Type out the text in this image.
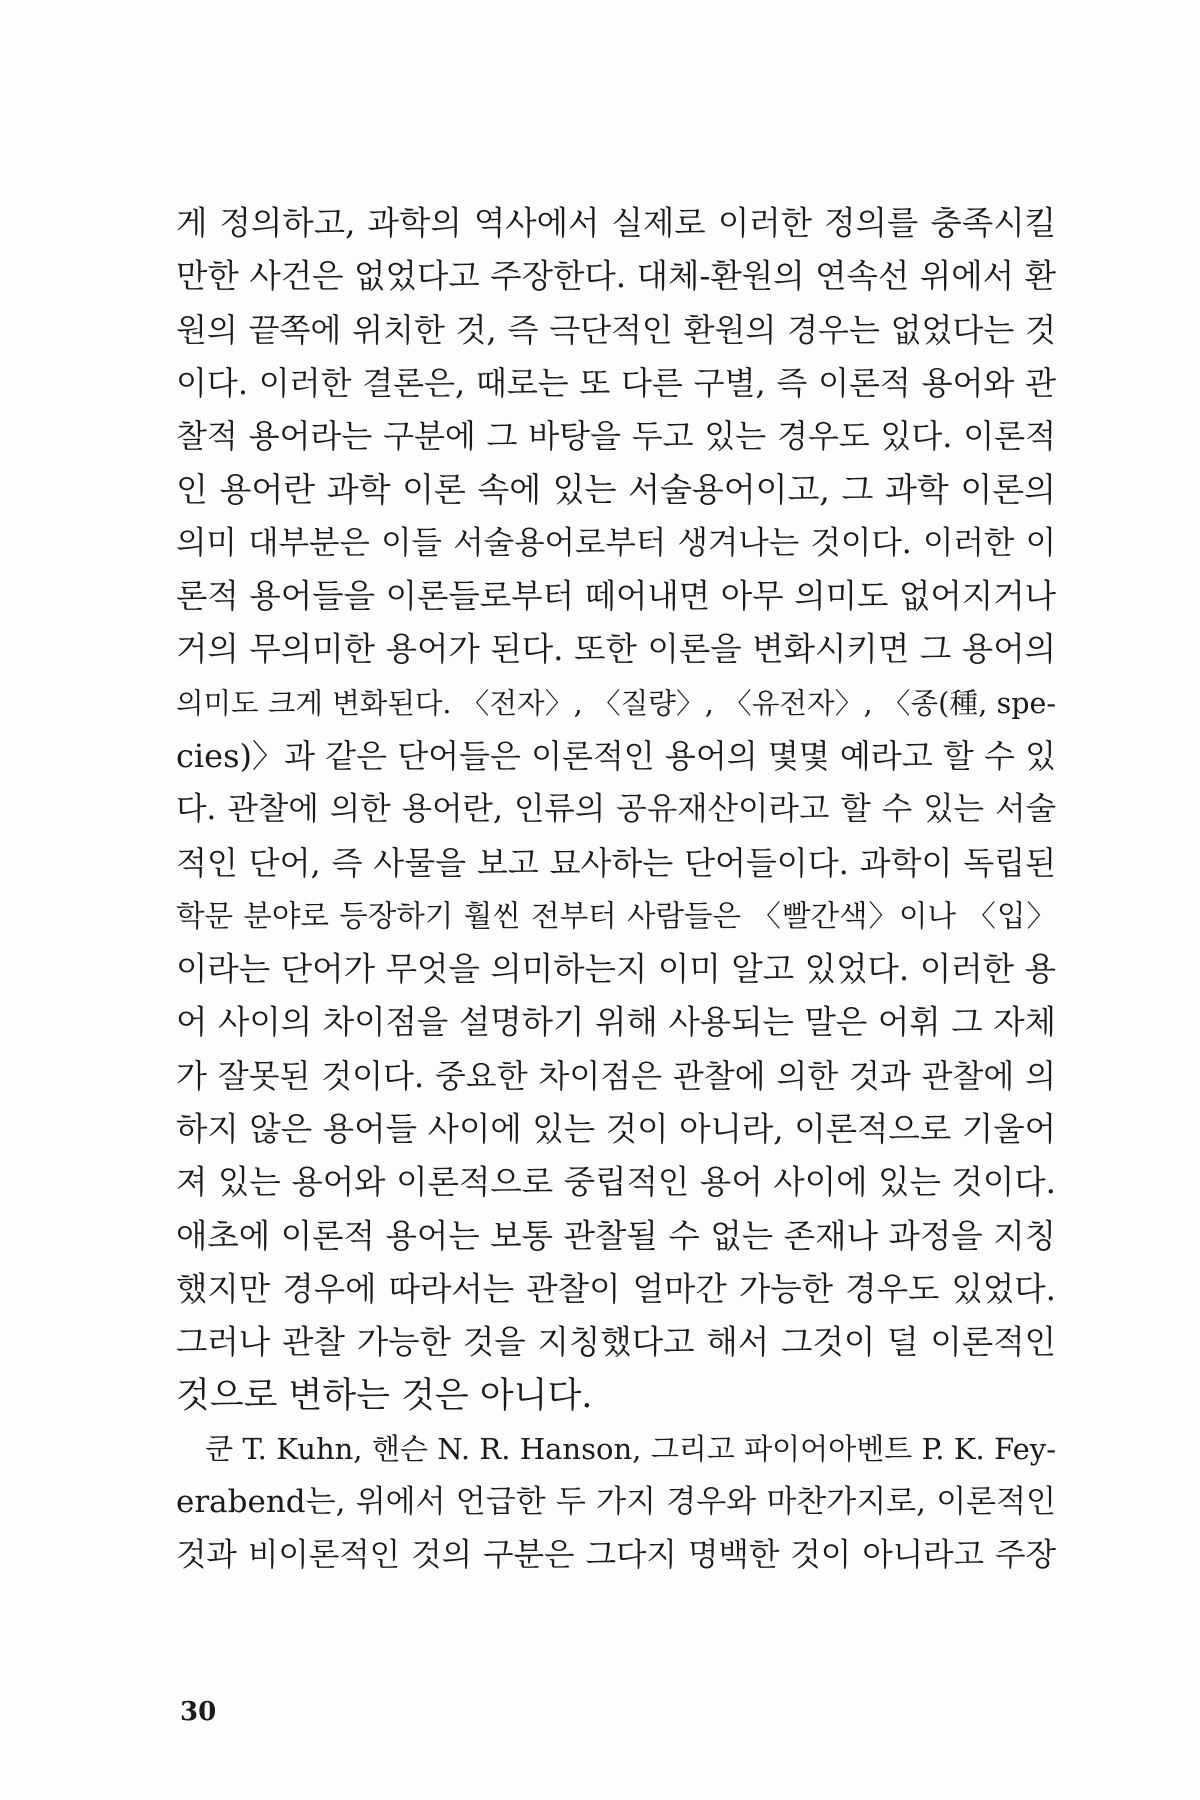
게 정의하고, 과학의 역사에서 실제로 이러한 정의를 충족시킬
만한 사건은 없었다고 주장한다. 대체-환원의 연속선 위에서 환
원의 끝쪽에 위치한 것, 즉 극단적인 환원의 경우는 없었다는 것
이다. 이러한 결론은, 때로는 또 다른 구별, 즉 이론적 용어와 관
찰적 용어라는 구분에 그 바탕을 두고 있는 경우도 있다. 이론적
인 용어란 과학 이론 속에 있는 서술용어이고, 그 과학 이론의
의미 대부분은 이들 서술용어로부터 생겨나는 것이다. 이러한 이
론적 용어들을 이론들로부터 떼어내면 아무 의미도 없어지거나
거의 무의미한 용어가 된다. 또한 이론을 변화시키면 그 용어의
의미도 크게 변화된다. 〈전자〉, 〈질량〉, 〈유전자〉, 〈종(種, spe-
cies)〉과 같은 단어들은 이론적인 용어의 몇몇 예라고 할 수 있
다. 관찰에 의한 용어란, 인류의 공유재산이라고 할 수 있는 서술
적인 단어, 즉 사물을 보고 묘사하는 단어들이다. 과학이 독립된
학문 분야로 등장하기 훨씬 전부터 사람들은 〈빨간색〉이나 〈입〉
이라는 단어가 무엇을 의미하는지 이미 알고 있었다. 이러한 용
어 사이의 차이점을 설명하기 위해 사용되는 말은 어휘 그 자체
가 잘못된 것이다. 중요한 차이점은 관찰에 의한 것과 관찰에 의
하지 않은 용어들 사이에 있는 것이 아니라, 이론적으로 기울어
져 있는 용어와 이론적으로 중립적인 용어 사이에 있는 것이다.
애초에 이론적 용어는 보통 관찰될 수 없는 존재나 과정을 지칭
했지만 경우에 따라서는 관찰이 얼마간 가능한 경우도 있었다.
그러나 관찰 가능한 것을 지칭했다고 해서 그것이 덜 이론적인
것으로 변하는 것은 아니다.
　쿤 T. Kuhn, 핸슨 N. R. Hanson, 그리고 파이어아벤트 P. K. Fey-
erabend는, 위에서 언급한 두 가지 경우와 마찬가지로, 이론적인
것과 비이론적인 것의 구분은 그다지 명백한 것이 아니라고 주장
30
